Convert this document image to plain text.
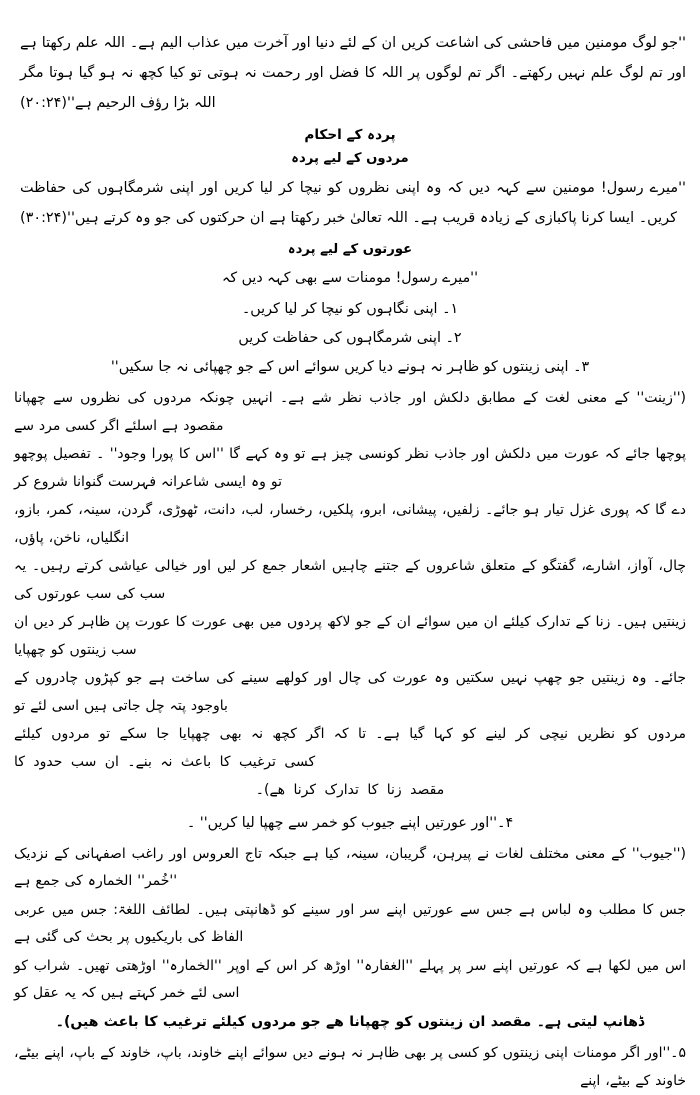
''جو لوگ مومنین میں فاحشی کی اشاعت کریں ان کے لئے دنیا اور آخرت میں عذاب الیم ہے۔ اللہ علم رکھتا ہے اور تم لوگ علم نہیں رکھتے۔ اگر تم لوگوں پر اللہ کا فضل اور رحمت نہ ہوتی تو کیا کچھ نہ ہو گیا ہوتا مگر اللہ بڑا رؤف الرحیم ہے''(۲۰:۲۴)
پردہ کے احکام
مردوں کے لیے پردہ
''میرے رسول! مومنین سے کہہ دیں کہ وہ اپنی نظروں کو نیچا کر لیا کریں اور اپنی شرمگاہوں کی حفاظت کریں۔ ایسا کرنا پاکبازی کے زیادہ قریب ہے۔ اللہ تعالیٰ خبر رکھتا ہے ان حرکتوں کی جو وہ کرتے ہیں''(۳۰:۲۴)
عورتوں کے لیے پردہ
''میرے رسول! مومنات سے بھی کہہ دیں کہ
۱۔ اپنی نگاہوں کو نیچا کر لیا کریں۔
۲۔ اپنی شرمگاہوں کی حفاظت کریں
۳۔ اپنی زینتوں کو ظاہر نہ ہونے دیا کریں سوائے اس کے جو چھپائی نہ جا سکیں''
(''زینت'' کے معنی لغت کے مطابق دلکش اور جاذب نظر شے ہے۔ انہیں چونکہ مردوں کی نظروں سے چھپانا مقصود ہے اسلئے اگر کسی مرد سے
پوچھا جائے کہ عورت میں دلکش اور جاذب نظر کونسی چیز ہے تو وہ کہے گا ''اس کا پورا وجود'' ۔ تفصیل پوچھو تو وہ ایسی شاعرانہ فہرست گنوانا شروع کر
دے گا کہ پوری غزل تیار ہو جائے۔ زلفیں، پیشانی، ابرو، پلکیں، رخسار، لب، دانت، ٹھوڑی، گردن، سینہ، کمر، بازو، انگلیاں، ناخن، پاؤں،
چال، آواز، اشارے، گفتگو کے متعلق شاعروں کے جتنے چاہیں اشعار جمع کر لیں اور خیالی عیاشی کرتے رہیں۔ یہ سب کی سب عورتوں کی
زینتیں ہیں۔ زنا کے تدارک کیلئے ان میں سوائے ان کے جو لاکھ پردوں میں بھی عورت کا عورت پن ظاہر کر دیں ان سب زینتوں کو چھپایا
جائے۔ وہ زینتیں جو چھپ نہیں سکتیں وہ عورت کی چال اور کولھے سینے کی ساخت ہے جو کپڑوں چادروں کے باوجود پتہ چل جاتی ہیں اسی لئے تو
مردوں کو نظریں نیچی کر لینے کو کہا گیا ہے۔ تا کہ اگر کچھ نہ بھی چھپایا جا سکے تو مردوں کیلئے کسی ترغیب کا باعث نہ بنے۔ ان سب حدود کا
مقصد زنا کا تدارک کرنا ھے)۔
۴۔''اور عورتیں اپنے جیوب کو خمر سے چھپا لیا کریں'' ۔
(''جیوب'' کے معنی مختلف لغات نے پیرہن، گریبان، سینہ، کیا ہے جبکہ تاج العروس اور راغب اصفہانی کے نزدیک ''خُمر'' الخمارہ کی جمع ہے
جس کا مطلب وہ لباس ہے جس سے عورتیں اپنے سر اور سینے کو ڈھانپتی ہیں۔ لطائف اللغۃ: جس میں عربی الفاظ کی باریکیوں پر بحث کی گئی ہے
اس میں لکھا ہے کہ عورتیں اپنے سر پر پہلے ''الغفارہ'' اوڑھ کر اس کے اوپر ''الخمارہ'' اوڑھتی تھیں۔ شراب کو اسی لئے خمر کہتے ہیں کہ یہ عقل کو
ڈھانپ لیتی ہے۔ مقصد ان زینتوں کو چھپانا ھے جو مردوں کیلئے ترغیب کا باعث ھیں)۔
۵۔''اور اگر مومنات اپنی زینتوں کو کسی پر بھی ظاہر نہ ہونے دیں سوائے اپنے خاوند، باپ، خاوند کے باپ، اپنے بیٹے، خاوند کے بیٹے، اپنے
